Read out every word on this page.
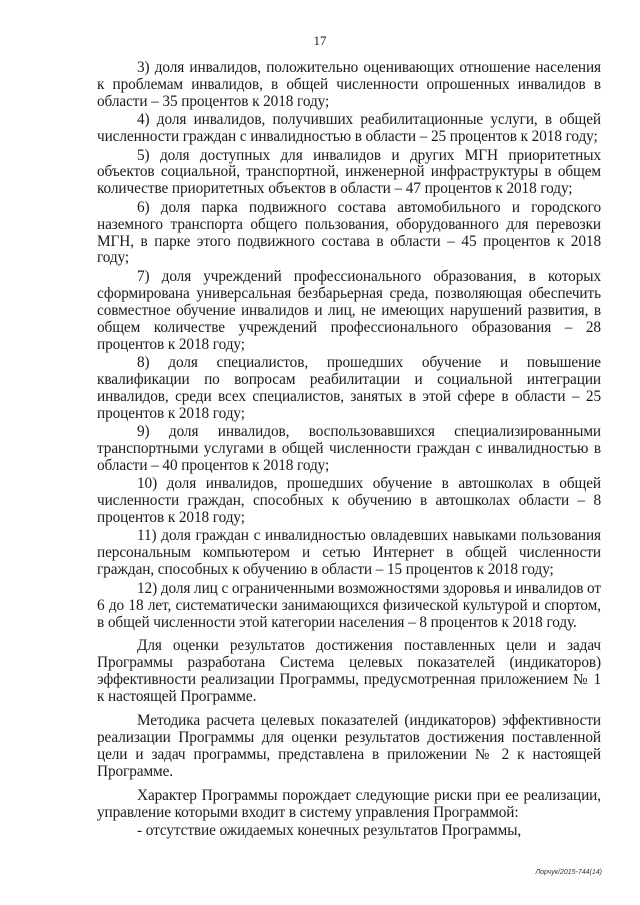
17

3) доля инвалидов, положительно оценивающих отношение населения к проблемам инвалидов, в общей численности опрошенных инвалидов в области – 35 процентов к 2018 году;

4) доля инвалидов, получивших реабилитационные услуги, в общей численности граждан с инвалидностью в области – 25 процентов к 2018 году;

5) доля доступных для инвалидов и других МГН приоритетных объектов социальной, транспортной, инженерной инфраструктуры в общем количестве приоритетных объектов в области – 47 процентов к 2018 году;

6) доля парка подвижного состава автомобильного и городского наземного транспорта общего пользования, оборудованного для перевозки МГН, в парке этого подвижного состава в области – 45 процентов к 2018 году;

7) доля учреждений профессионального образования, в которых сформирована универсальная безбарьерная среда, позволяющая обеспечить совместное обучение инвалидов и лиц, не имеющих нарушений развития, в общем количестве учреждений профессионального образования – 28 процентов к 2018 году;

8) доля специалистов, прошедших обучение и повышение квалификации по вопросам реабилитации и социальной интеграции инвалидов, среди всех специалистов, занятых в этой сфере в области – 25 процентов к 2018 году;

9) доля инвалидов, воспользовавшихся специализированными транспортными услугами в общей численности граждан с инвалидностью в области – 40 процентов к 2018 году;

10) доля инвалидов, прошедших обучение в автошколах в общей численности граждан, способных к обучению в автошколах области – 8 процентов к 2018 году;

11) доля граждан с инвалидностью овладевших навыками пользования персональным компьютером и сетью Интернет в общей численности граждан, способных к обучению в области – 15 процентов к 2018 году;

12) доля лиц с ограниченными возможностями здоровья и инвалидов от 6 до 18 лет, систематически занимающихся физической культурой и спортом, в общей численности этой категории населения – 8 процентов к 2018 году.

Для оценки результатов достижения поставленных цели и задач Программы разработана Система целевых показателей (индикаторов) эффективности реализации Программы, предусмотренная приложением № 1 к настоящей Программе.

Методика расчета целевых показателей (индикаторов) эффективности реализации Программы для оценки результатов достижения поставленной цели и задач программы, представлена в приложении № 2 к настоящей Программе.

Характер Программы порождает следующие риски при ее реализации, управление которыми входит в систему управления Программой:

- отсутствие ожидаемых конечных результатов Программы,

Лорчук/2015-744(14)
